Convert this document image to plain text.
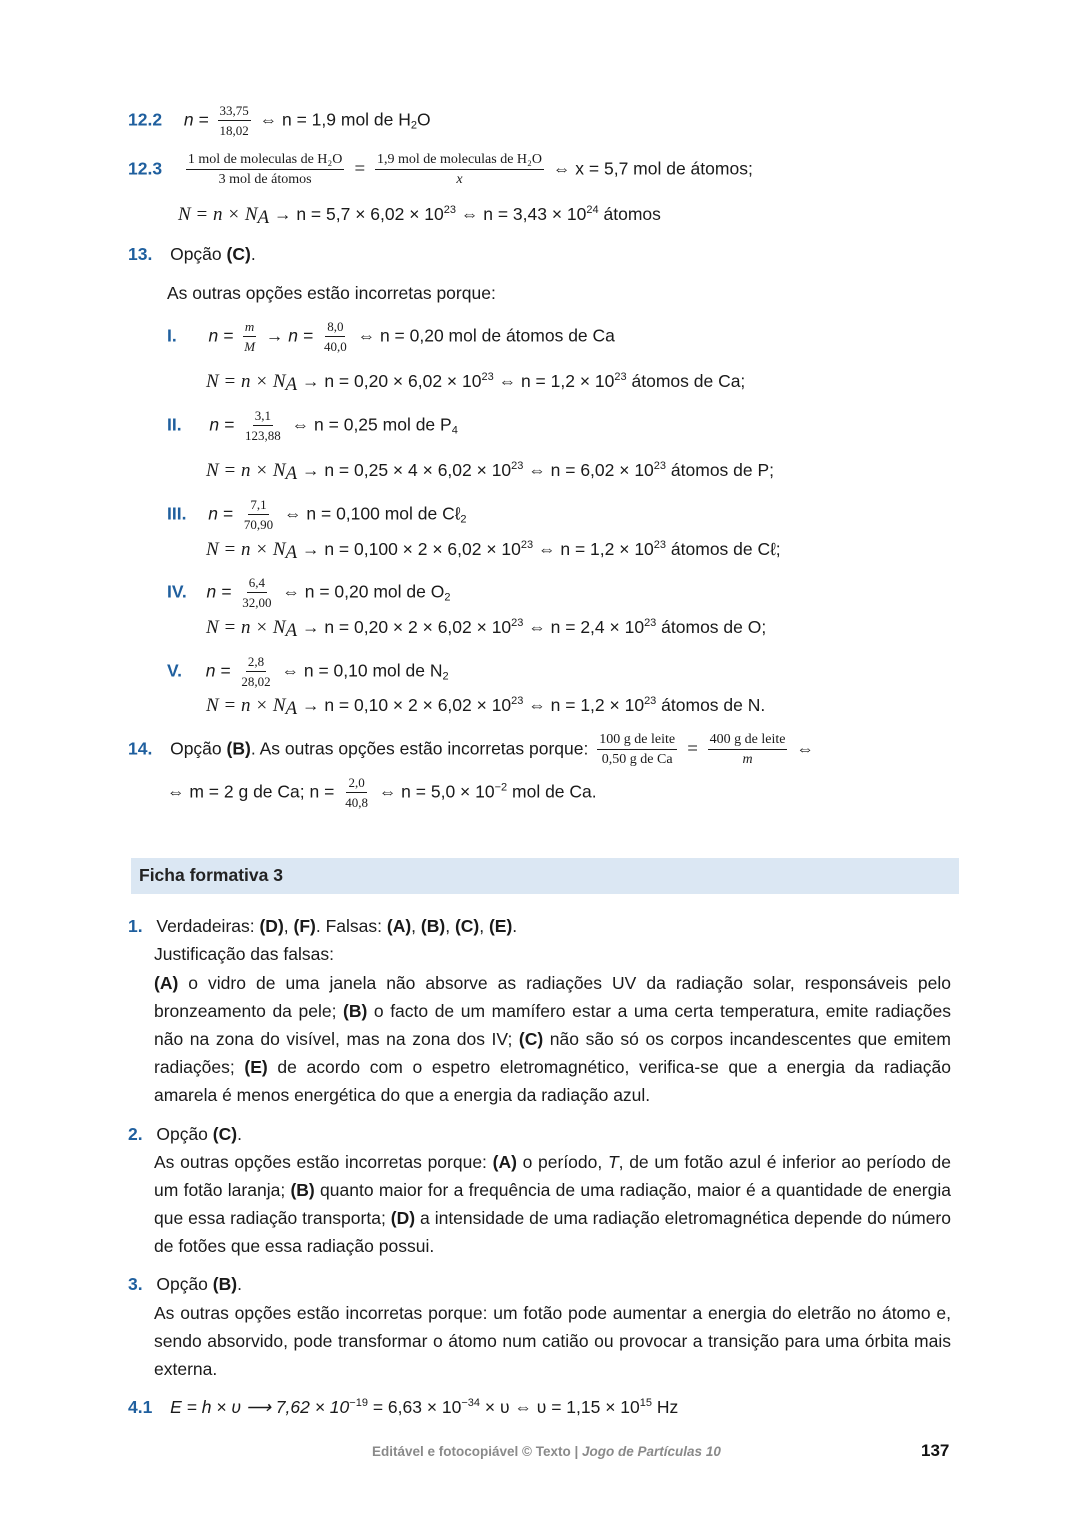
12.2 $n = \frac{33,75}{18,02}$ ⇔ n = 1,9 mol de $H_2O$
$12.3 \frac{\text{1 mol de moleculas de H₂O}}{\text{3 mol de átomos}} = \frac{\text{1,9 mol de moleculas de H₂O}}{x}$ ⇔ x = 5,7 mol de átomos;
$N = n \times N_A \to n = 5,7 \times 6,02 \times 10^{23}$ ⇔ $n = 3,43 \times 10^{24}$ átomos
13. Opção (C).
As outras opções estão incorretas porque:
I. $n = \frac{m}{M} \to n = \frac{8,0}{40,0}$ ⇔ n = 0,20 mol de átomos de Ca
$N = n \times N_A \to n = 0,20 \times 6,02 \times 10^{23}$ ⇔ $n = 1,2 \times 10^{23}$ átomos de Ca;
II. $n = \frac{3,1}{123,88}$ ⇔ n = 0,25 mol de $P_4$
$N = n \times N_A \to n = 0,25 \times 4 \times 6,02 \times 10^{23}$ ⇔ $n = 6,02 \times 10^{23}$ átomos de P;
III. $n = \frac{7,1}{70,90}$ ⇔ n = 0,100 mol de Cℓ$_2$
$N = n \times N_A \to n = 0,100 \times 2 \times 6,02 \times 10^{23}$ ⇔ $n = 1,2 \times 10^{23}$ átomos de Cℓ;
IV. $n = \frac{6,4}{32,00}$ ⇔ n = 0,20 mol de $O_2$
$N = n \times N_A \to n = 0,20 \times 2 \times 6,02 \times 10^{23}$ ⇔ $n = 2,4 \times 10^{23}$ átomos de O;
V. $n = \frac{2,8}{28,02}$ ⇔ n = 0,10 mol de $N_2$
$N = n \times N_A \to n = 0,10 \times 2 \times 6,02 \times 10^{23}$ ⇔ $n = 1,2 \times 10^{23}$ átomos de N.
14. Opção (B). As outras opções estão incorretas porque: $\frac{\text{100 g de leite}}{\text{0,50 g de Ca}} = \frac{\text{400 g de leite}}{m}$ ⇔
⇔ m = 2 g de Ca; $n = \frac{2,0}{40,8}$ ⇔ $n = 5,0 \times 10^{-2}$ mol de Ca.
Ficha formativa 3
1. Verdadeiras: (D), (F). Falsas: (A), (B), (C), (E).
Justificação das falsas:
(A) o vidro de uma janela não absorve as radiações UV da radiação solar, responsáveis pelo bronzeamento da pele; (B) o facto de um mamífero estar a uma certa temperatura, emite radiações não na zona do visível, mas na zona dos IV; (C) não são só os corpos incandescentes que emitem radiações; (E) de acordo com o espetro eletromagnético, verifica-se que a energia da radiação amarela é menos energética do que a energia da radiação azul.
2. Opção (C).
As outras opções estão incorretas porque: (A) o período, T, de um fotão azul é inferior ao período de um fotão laranja; (B) quanto maior for a frequência de uma radiação, maior é a quantidade de energia que essa radiação transporta; (D) a intensidade de uma radiação eletromagnética depende do número de fotões que essa radiação possui.
3. Opção (B).
As outras opções estão incorretas porque: um fotão pode aumentar a energia do eletrão no átomo e, sendo absorvido, pode transformar o átomo num catião ou provocar a transição para uma órbita mais externa.
4.1 E = h × υ ⟶ $7,62 \times 10^{-19} = 6,63 \times 10^{-34} \times \upsilon$ ⇔ $\upsilon = 1,15 \times 10^{15}$ Hz
Editável e fotocopiável © Texto | Jogo de Partículas 10	137
